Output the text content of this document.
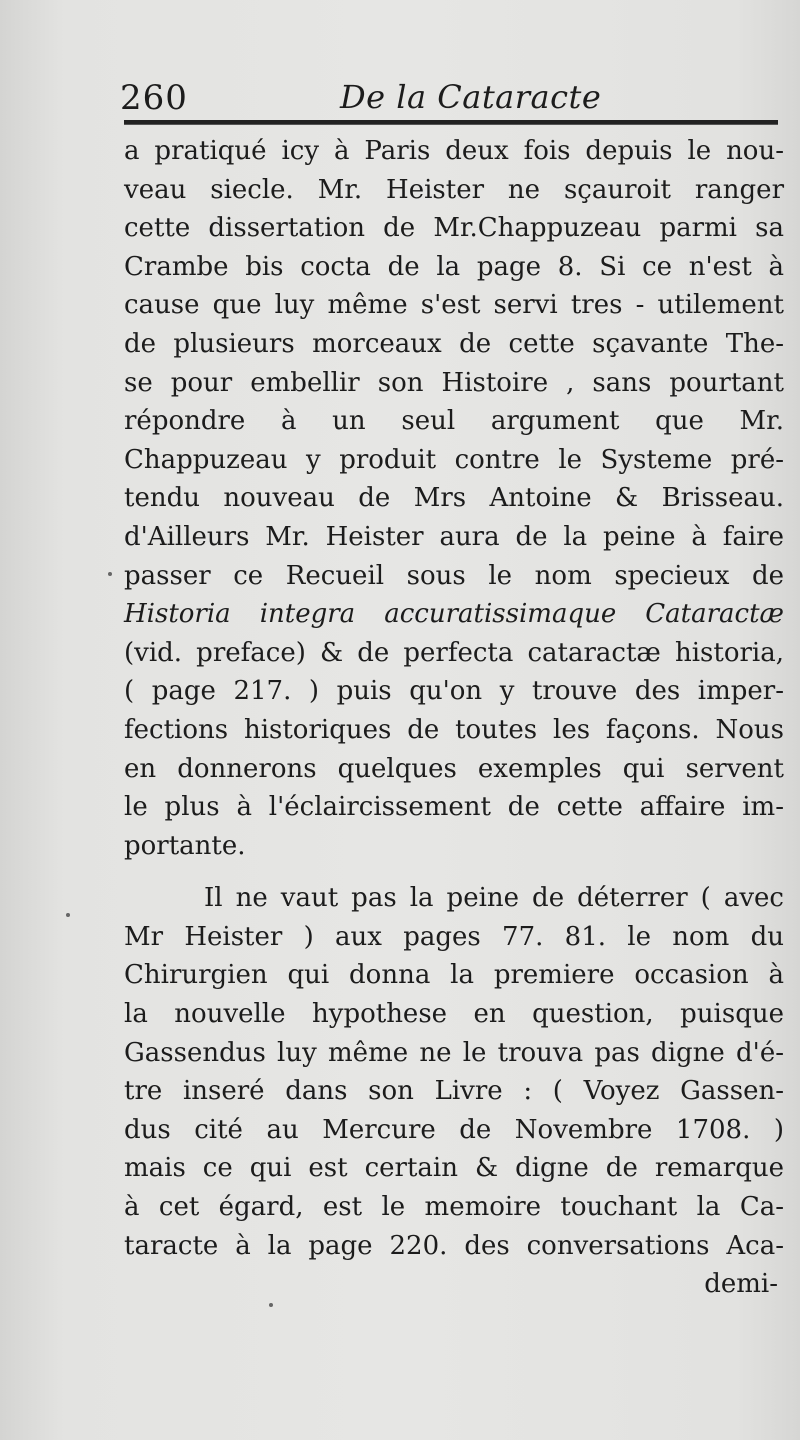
260	De la Cataracte
a pratiqué icy à Paris deux fois depuis le nou-
veau siecle. Mr. Heister ne sçauroit ranger
cette dissertation de Mr.Chappuzeau parmi sa
Crambe bis cocta de la page 8. Si ce n'est à
cause que luy même s'est servi tres - utilement
de plusieurs morceaux de cette sçavante The-
se pour embellir son Histoire , sans pourtant
répondre à un seul argument que Mr.
Chappuzeau y produit contre le Systeme pré-
tendu nouveau de Mrs Antoine & Brisseau.
d'Ailleurs Mr. Heister aura de la peine à faire
passer ce Recueil sous le nom specieux de
Historia integra accuratissimaque Cataractæ
(vid. preface) & de perfecta cataractæ historia,
( page 217. ) puis qu'on y trouve des imper-
fections historiques de toutes les façons. Nous
en donnerons quelques exemples qui servent
le plus à l'éclaircissement de cette affaire im-
portante.
Il ne vaut pas la peine de déterrer ( avec
Mr Heister ) aux pages 77. 81. le nom du
Chirurgien qui donna la premiere occasion à
la nouvelle hypothese en question, puisque
Gassendus luy même ne le trouva pas digne d'é-
tre inseré dans son Livre : ( Voyez Gassen-
dus cité au Mercure de Novembre 1708. )
mais ce qui est certain & digne de remarque
à cet égard, est le memoire touchant la Ca-
taracte à la page 220. des conversations Aca-
demi-
